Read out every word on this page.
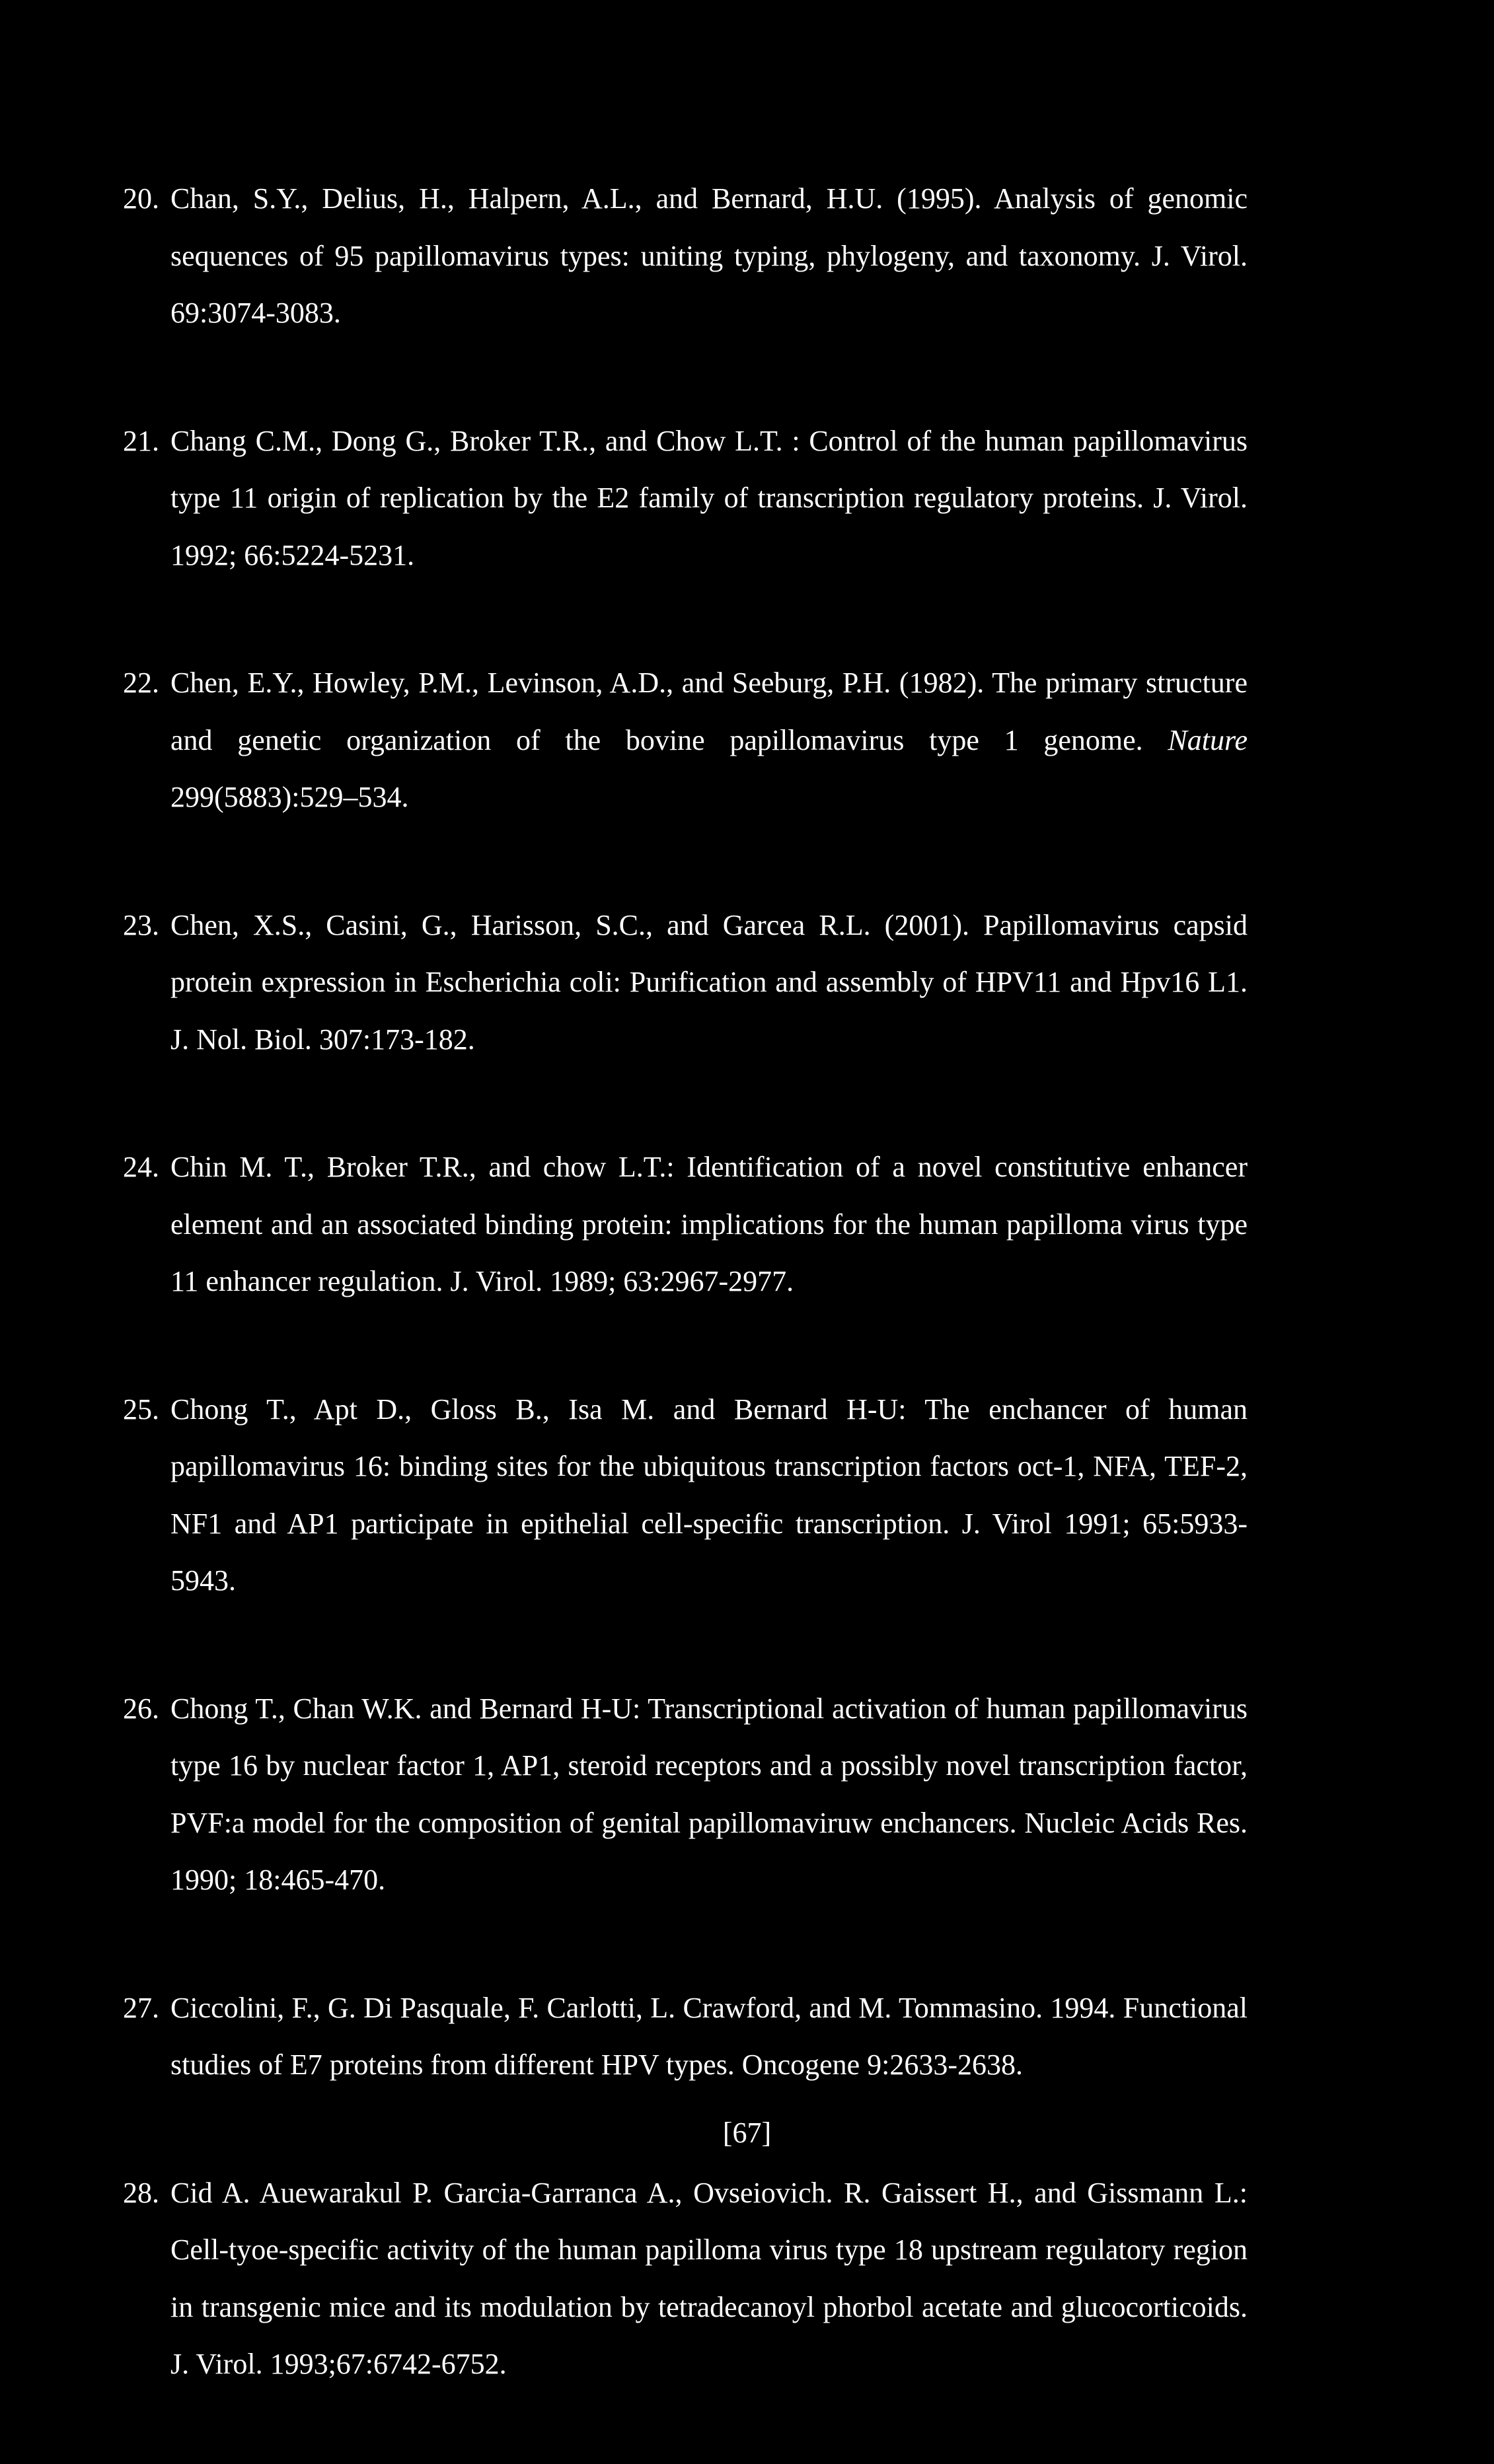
20. Chan, S.Y., Delius, H., Halpern, A.L., and Bernard, H.U. (1995). Analysis of genomic sequences of 95 papillomavirus types: uniting typing, phylogeny, and taxonomy. J. Virol. 69:3074-3083.
21. Chang C.M., Dong G., Broker T.R., and Chow L.T. : Control of the human papillomavirus type 11 origin of replication by the E2 family of transcription regulatory proteins. J. Virol. 1992; 66:5224-5231.
22. Chen, E.Y., Howley, P.M., Levinson, A.D., and Seeburg, P.H. (1982). The primary structure and genetic organization of the bovine papillomavirus type 1 genome. Nature 299(5883):529–534.
23. Chen, X.S., Casini, G., Harisson, S.C., and Garcea R.L. (2001). Papillomavirus capsid protein expression in Escherichia coli: Purification and assembly of HPV11 and Hpv16 L1. J. Nol. Biol. 307:173-182.
24. Chin M. T., Broker T.R., and chow L.T.: Identification of a novel constitutive enhancer element and an associated binding protein: implications for the human papilloma virus type 11 enhancer regulation. J. Virol. 1989; 63:2967-2977.
25. Chong T., Apt D., Gloss B., Isa M. and Bernard H-U: The enchancer of human papillomavirus 16: binding sites for the ubiquitous transcription factors oct-1, NFA, TEF-2, NF1 and AP1 participate in epithelial cell-specific transcription. J. Virol 1991; 65:5933-5943.
26. Chong T., Chan W.K. and Bernard H-U: Transcriptional activation of human papillomavirus type 16 by nuclear factor 1, AP1, steroid receptors and a possibly novel transcription factor, PVF:a model for the composition of genital papillomaviruw enchancers. Nucleic Acids Res. 1990; 18:465-470.
27. Ciccolini, F., G. Di Pasquale, F. Carlotti, L. Crawford, and M. Tommasino. 1994. Functional studies of E7 proteins from different HPV types. Oncogene 9:2633-2638.
28. Cid A. Auewarakul P. Garcia-Garranca A., Ovseiovich. R. Gaissert H., and Gissmann L.: Cell-tyoe-specific activity of the human papilloma virus type 18 upstream regulatory region in transgenic mice and its modulation by tetradecanoyl phorbol acetate and glucocorticoids. J. Virol. 1993;67:6742-6752.
[67]
